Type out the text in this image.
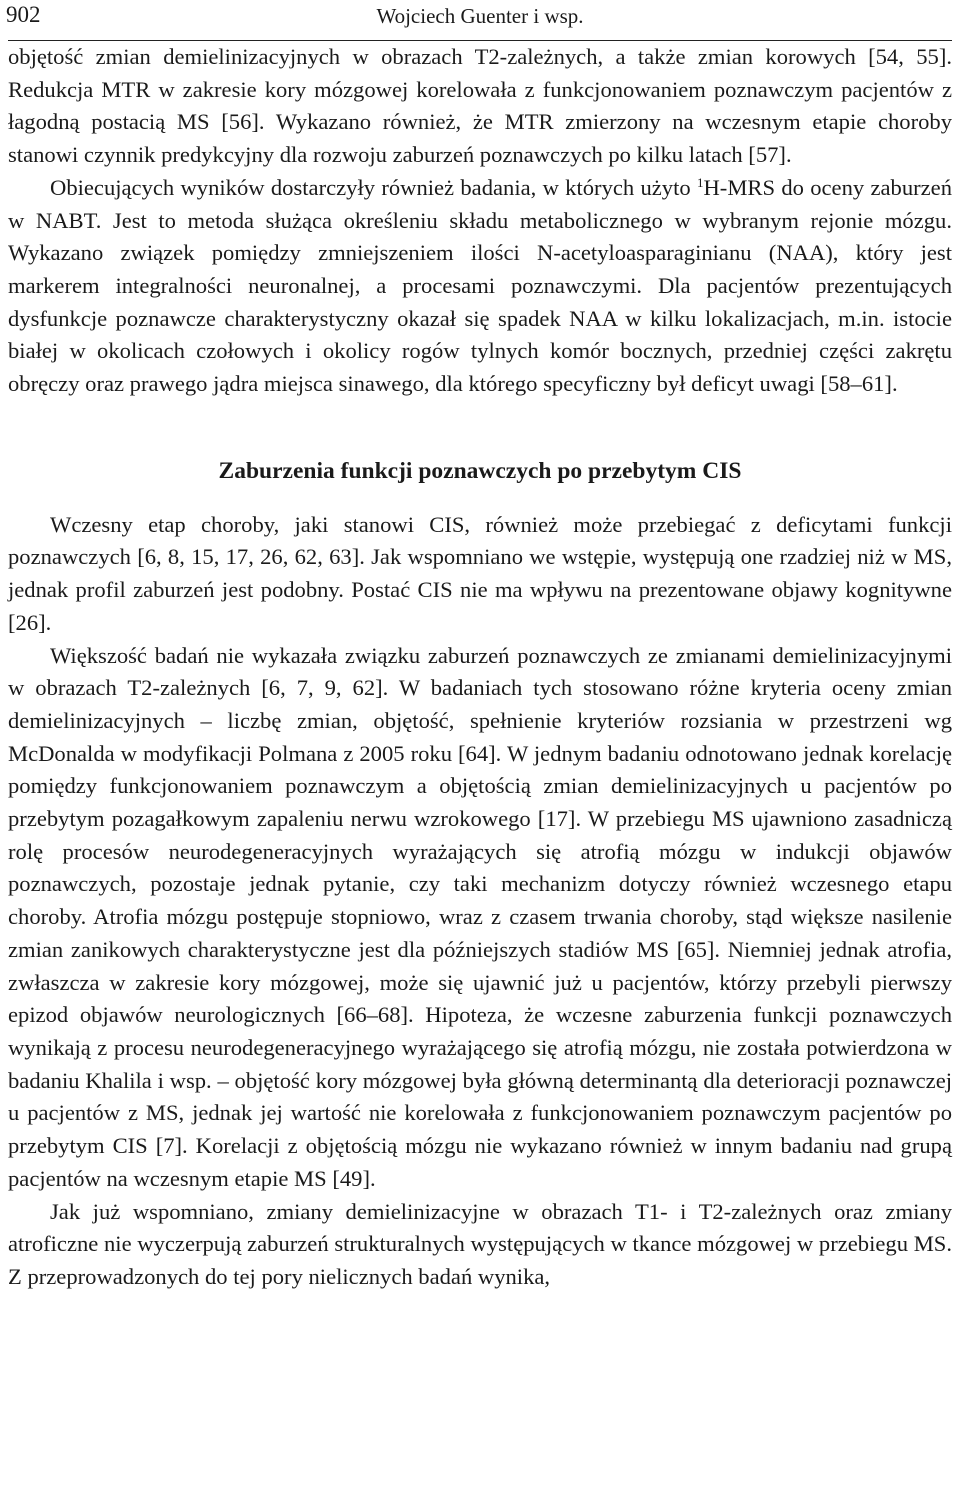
902	Wojciech Guenter i wsp.

objętość zmian demielinizacyjnych w obrazach T2-zależnych, a także zmian korowych [54, 55]. Redukcja MTR w zakresie kory mózgowej korelowała z funkcjonowaniem poznawczym pacjentów z łagodną postacią MS [56]. Wykazano również, że MTR zmierzony na wczesnym etapie choroby stanowi czynnik predykcyjny dla rozwoju zaburzeń poznawczych po kilku latach [57].

Obiecujących wyników dostarczyły również badania, w których użyto $^1$H-MRS do oceny zaburzeń w NABT. Jest to metoda służąca określeniu składu metabolicznego w wybranym rejonie mózgu. Wykazano związek pomiędzy zmniejszeniem ilości N-acetyloasparaginianu (NAA), który jest markerem integralności neuronalnej, a procesami poznawczymi. Dla pacjentów prezentujących dysfunkcje poznawcze charakterystyczny okazał się spadek NAA w kilku lokalizacjach, m.in. istocie białej w okolicach czołowych i okolicy rogów tylnych komór bocznych, przedniej części zakrętu obręczy oraz prawego jądra miejsca sinawego, dla którego specyficzny był deficyt uwagi [58–61].

Zaburzenia funkcji poznawczych po przebytym CIS

Wczesny etap choroby, jaki stanowi CIS, również może przebiegać z deficytami funkcji poznawczych [6, 8, 15, 17, 26, 62, 63]. Jak wspomniano we wstępie, występują one rzadziej niż w MS, jednak profil zaburzeń jest podobny. Postać CIS nie ma wpływu na prezentowane objawy kognitywne [26].

Większość badań nie wykazała związku zaburzeń poznawczych ze zmianami demielinizacyjnymi w obrazach T2-zależnych [6, 7, 9, 62]. W badaniach tych stosowano różne kryteria oceny zmian demielinizacyjnych – liczbę zmian, objętość, spełnienie kryteriów rozsiania w przestrzeni wg McDonalda w modyfikacji Polmana z 2005 roku [64]. W jednym badaniu odnotowano jednak korelację pomiędzy funkcjonowaniem poznawczym a objętością zmian demielinizacyjnych u pacjentów po przebytym pozagałkowym zapaleniu nerwu wzrokowego [17]. W przebiegu MS ujawniono zasadniczą rolę procesów neurodegeneracyjnych wyrażających się atrofią mózgu w indukcji objawów poznawczych, pozostaje jednak pytanie, czy taki mechanizm dotyczy również wczesnego etapu choroby. Atrofia mózgu postępuje stopniowo, wraz z czasem trwania choroby, stąd większe nasilenie zmian zanikowych charakterystyczne jest dla późniejszych stadiów MS [65]. Niemniej jednak atrofia, zwłaszcza w zakresie kory mózgowej, może się ujawnić już u pacjentów, którzy przebyli pierwszy epizod objawów neurologicznych [66–68]. Hipoteza, że wczesne zaburzenia funkcji poznawczych wynikają z procesu neurodegeneracyjnego wyrażającego się atrofią mózgu, nie została potwierdzona w badaniu Khalila i wsp. – objętość kory mózgowej była główną determinantą dla deterioracji poznawczej u pacjentów z MS, jednak jej wartość nie korelowała z funkcjonowaniem poznawczym pacjentów po przebytym CIS [7]. Korelacji z objętością mózgu nie wykazano również w innym badaniu nad grupą pacjentów na wczesnym etapie MS [49].

Jak już wspomniano, zmiany demielinizacyjne w obrazach T1- i T2-zależnych oraz zmiany atroficzne nie wyczerpują zaburzeń strukturalnych występujących w tkance mózgowej w przebiegu MS. Z przeprowadzonych do tej pory nielicznych badań wynika,
